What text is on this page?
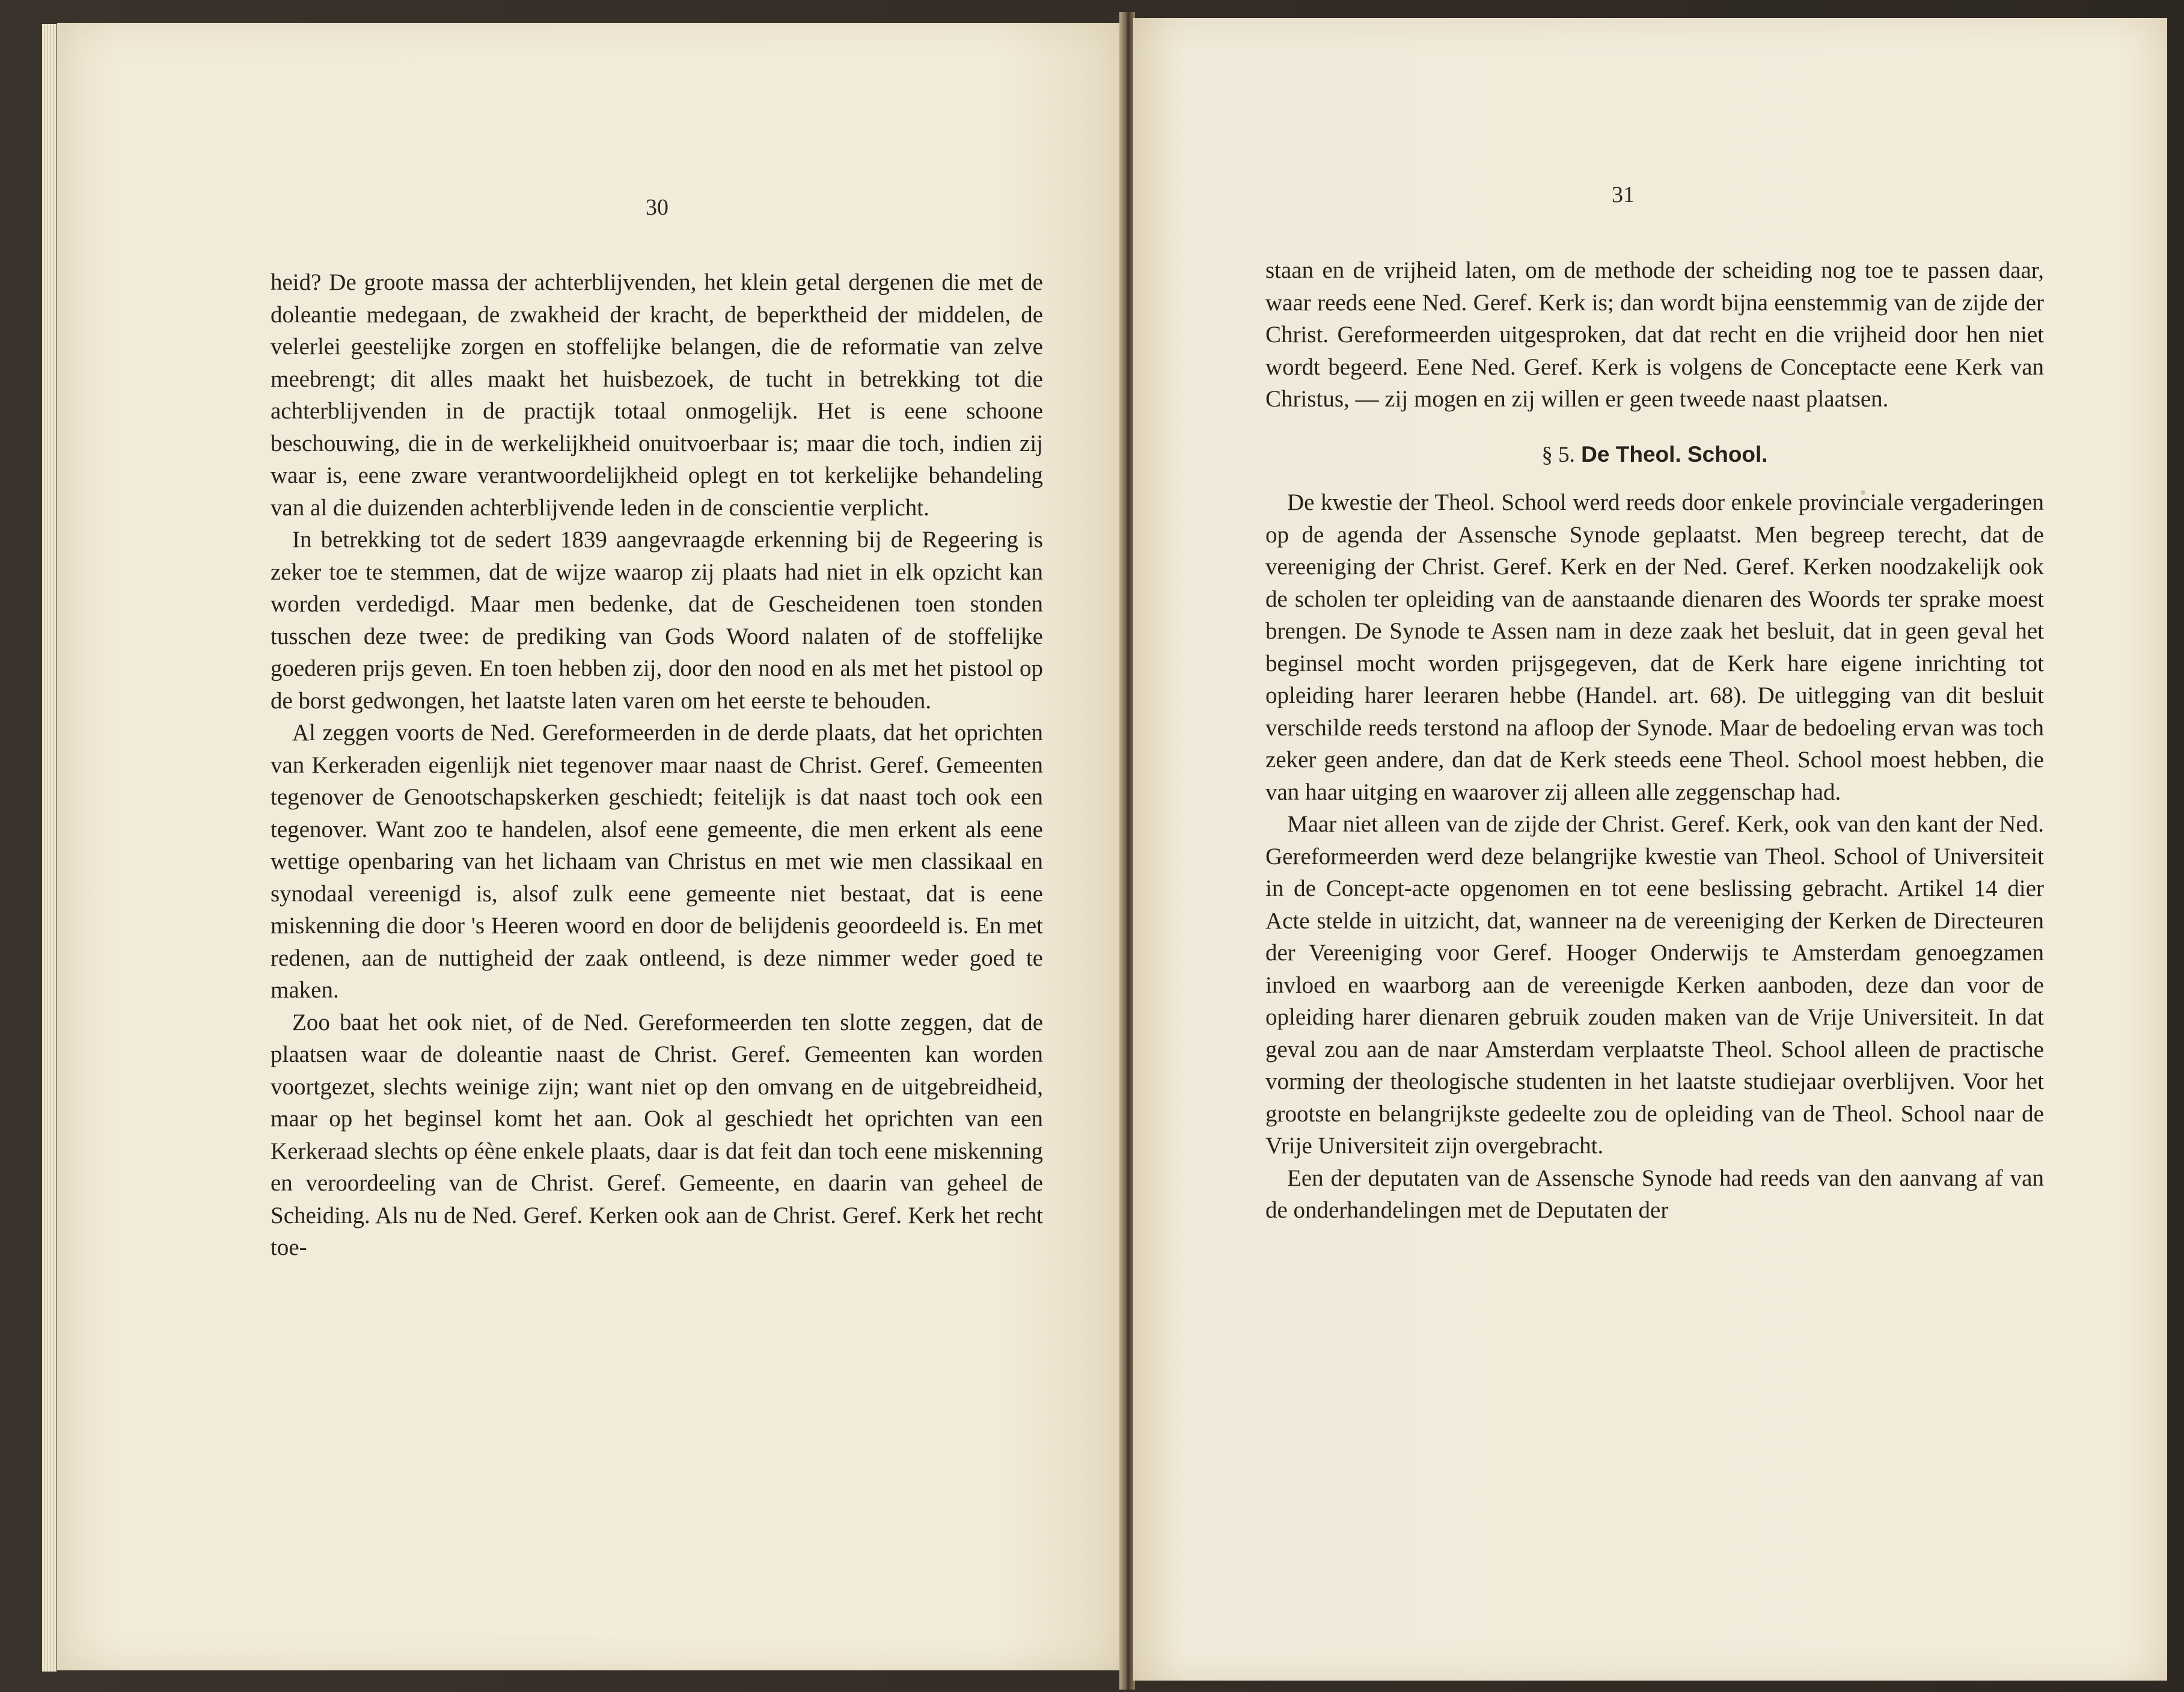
30

heid? De groote massa der achterblijvenden, het klein getal dergenen die met de doleantie medegaan, de zwakheid der kracht, de beperktheid der middelen, de velerlei geestelijke zorgen en stoffelijke belangen, die de reformatie van zelve meebrengt; dit alles maakt het huisbezoek, de tucht in betrekking tot die achterblijvenden in de practijk totaal onmogelijk. Het is eene schoone beschouwing, die in de werkelijkheid onuitvoerbaar is; maar die toch, indien zij waar is, eene zware verantwoordelijkheid oplegt en tot kerkelijke behandeling van al die duizenden achterblijvende leden in de conscientie verplicht.

In betrekking tot de sedert 1839 aangevraagde erkenning bij de Regeering is zeker toe te stemmen, dat de wijze waarop zij plaats had niet in elk opzicht kan worden verdedigd. Maar men bedenke, dat de Gescheidenen toen stonden tusschen deze twee: de prediking van Gods Woord nalaten of de stoffelijke goederen prijs geven. En toen hebben zij, door den nood en als met het pistool op de borst gedwongen, het laatste laten varen om het eerste te behouden.

Al zeggen voorts de Ned. Gereformeerden in de derde plaats, dat het oprichten van Kerkeraden eigenlijk niet tegenover maar naast de Christ. Geref. Gemeenten tegenover de Genootschapskerken geschiedt; feitelijk is dat naast toch ook een tegenover. Want zoo te handelen, alsof eene gemeente, die men erkent als eene wettige openbaring van het lichaam van Christus en met wie men classikaal en synodaal vereenigd is, alsof zulk eene gemeente niet bestaat, dat is eene miskenning die door 's Heeren woord en door de belijdenis geoordeeld is. En met redenen, aan de nuttigheid der zaak ontleend, is deze nimmer weder goed te maken.

Zoo baat het ook niet, of de Ned. Gereformeerden ten slotte zeggen, dat de plaatsen waar de doleantie naast de Christ. Geref. Gemeenten kan worden voortgezet, slechts weinige zijn; want niet op den omvang en de uitgebreidheid, maar op het beginsel komt het aan. Ook al geschiedt het oprichten van een Kerkeraad slechts op éène enkele plaats, daar is dat feit dan toch eene miskenning en veroordeeling van de Christ. Geref. Gemeente, en daarin van geheel de Scheiding. Als nu de Ned. Geref. Kerken ook aan de Christ. Geref. Kerk het recht toe-

31

staan en de vrijheid laten, om de methode der scheiding nog toe te passen daar, waar reeds eene Ned. Geref. Kerk is; dan wordt bijna eenstemmig van de zijde der Christ. Gereformeerden uitgesproken, dat dat recht en die vrijheid door hen niet wordt begeerd. Eene Ned. Geref. Kerk is volgens de Conceptacte eene Kerk van Christus, — zij mogen en zij willen er geen tweede naast plaatsen.

§ 5. De Theol. School.

De kwestie der Theol. School werd reeds door enkele provinciale vergaderingen op de agenda der Assensche Synode geplaatst. Men begreep terecht, dat de vereeniging der Christ. Geref. Kerk en der Ned. Geref. Kerken noodzakelijk ook de scholen ter opleiding van de aanstaande dienaren des Woords ter sprake moest brengen. De Synode te Assen nam in deze zaak het besluit, dat in geen geval het beginsel mocht worden prijsgegeven, dat de Kerk hare eigene inrichting tot opleiding harer leeraren hebbe (Handel. art. 68). De uitlegging van dit besluit verschilde reeds terstond na afloop der Synode. Maar de bedoeling ervan was toch zeker geen andere, dan dat de Kerk steeds eene Theol. School moest hebben, die van haar uitging en waarover zij alleen alle zeggenschap had.

Maar niet alleen van de zijde der Christ. Geref. Kerk, ook van den kant der Ned. Gereformeerden werd deze belangrijke kwestie van Theol. School of Universiteit in de Concept-acte opgenomen en tot eene beslissing gebracht. Artikel 14 dier Acte stelde in uitzicht, dat, wanneer na de vereeniging der Kerken de Directeuren der Vereeniging voor Geref. Hooger Onderwijs te Amsterdam genoegzamen invloed en waarborg aan de vereenigde Kerken aanboden, deze dan voor de opleiding harer dienaren gebruik zouden maken van de Vrije Universiteit. In dat geval zou aan de naar Amsterdam verplaatste Theol. School alleen de practische vorming der theologische studenten in het laatste studiejaar overblijven. Voor het grootste en belangrijkste gedeelte zou de opleiding van de Theol. School naar de Vrije Universiteit zijn overgebracht.

Een der deputaten van de Assensche Synode had reeds van den aanvang af van de onderhandelingen met de Deputaten der
